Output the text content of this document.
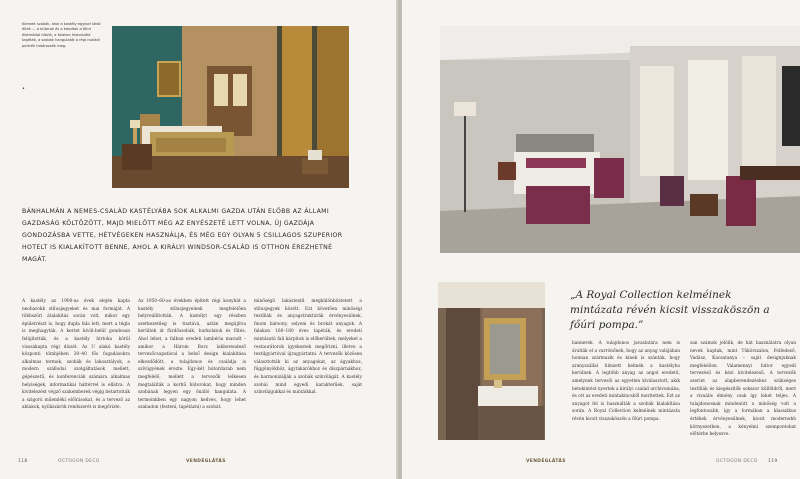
Kiemelt szobák, ahol a kastély egykori lakói éltek — a bútorok és a kárpitok a főúri életmódot idézik, a falakon historizáló tapéták, a szobák hangulatát a régi családi portrék határozzák meg.
•
BÁNHALMÁN A NEMES-CSALÁD KASTÉLYÁBA SOK ALKALMI GAZDA UTÁN ELŐBB AZ ÁLLAMI GAZDASÁG KÖLTÖZÖTT, MAJD MIELŐTT MÉG AZ ENYÉSZETÉ LETT VOLNA, ÚJ GAZDÁJA GONDOZÁSBA VETTE, HÉTVÉGEKEN HASZNÁLJA, ÉS MÉG EGY OLYAN 5 CSILLAGOS SZUPERIOR HOTELT IS KIALAKÍTOTT BENNE, AHOL A KIRÁLYI WINDSOR-CSALÁD IS OTTHON ÉREZHETNÉ MAGÁT.
A kastély az 1900-as évek elején kapta neobarokk stílusjegyeket és mai formáját. A többszöri átalakítás során volt, mikor egy épületrészt is, hogy dupla fala lett, mert a tégla is meghagyták. A kertet kívül-belül gondosan felújították, és a kastély birtoka körül visszakapta régi díszét. Az U alakú kastély központi tömbjében 30–40 fős fogadásokra alkalmas termek, szobák és lakosztályok, a modern szállodai szolgáltatások mellett, gépészetű, és konferenciák számára alkalmas helyiségek, informatikai háttérrel is ellátva. A kivitelezést végző szakemberek végig betartották a szigorú műemléki előírásokat, és a tervező az ablakok, nyílászárók rendszerét is megőrizte.
Az 1950–60-as években épített régi konyhát a kastély stílusjegyeinek megfelelően helyreállították. A kastélyt egy részben szerkezetileg is tisztává, aztán megújítva kerültek át fürdőszobák, burkolatok és fűtés. Ahol lehet, a falban eredeti lambéria maradt – amikor a Három Borz lakberendező tervezőcsapatával a belső design kialakítása elkezdődött, a tulajdonos és családja is szívügyének érezte. Egy-két bútordarab nem megfelelő, mellett a tervezők lelkesen megtalálták a korhű bútorokat, hogy minden szobának legyen egy önálló hangulata. A termeinkben egy nagyon kedves, hogy lehet szabadon (festeni, tapétázni) a szobát.
minőségű lakástextil megkülönböztetett a stílusjegyek között. Ezt követően minőségi textíliák és anyagstruktúrák érvényesülnek, finom bársony, selyem és brokát anyagok. A falakon 160–180 éves tapéták, és eredeti mintázatú fali kárpitok is előkerültek, melyeket a restaurátorok igyekeztek megőrizni, illetve a textilgyártóval újragyártatni. A tervezők közösen választották ki az anyagokat, az ágyakhoz, függönyökhöz, ágytakarókhoz és díszpárnákhoz, és harmonizálják a szobák színvilágát. A kastély szobái mind egyedi karakterűek, saját színvilágukkal és mintáikkal.
118	OCTOGON DECO	VENDÉGLÁTÁS
„A Royal Collection kelméinek mintázata révén kicsit visszaköszön a főúri pompa.”
bannerek. A tulajdonos javaslatára nem is árulták el a varrónőnek, hogy az anyag valójában honnan származik és kinek is szánták, hogy aranyszállal hímzett kelmék a kastélyba kerülnek. A legtöbb anyag az angol eredetű, amelynek tervezői az egyetlen kiválasztott, akik betekintést nyertek a királyi család archívumába, és ott az eredeti mintakincsből merítettek. Ezt az anyagot fel is használták a szobák kialakítása során. A Royal Collection kelméinek mintázata révén kicsit visszaköszön a főúri pompa.
san számok jelölik, de hát használatra olyan nevek kaptak, mint Tükörszalon, Felfedező, Vadász, Kacsatanya – saját designjuknak megfelelően. Valamennyi bútor egyedi tervezésű és kézi kivitelezésű. A tervezők szerint az alapberendezéshez szükséges textíliák és kiegészítők sokszor külföldről, mert a vizuális élmény csak így lehet teljes. A tulajdonosnak mindenütt a minőség volt a legfontosabb, így a formában a klasszikus értékek érvényesülnek, kicsit modernebb környezetben, a kényelmi szempontokat előtérbe helyezve.
VENDÉGLÁTÁS	OCTOGON DECO 119
